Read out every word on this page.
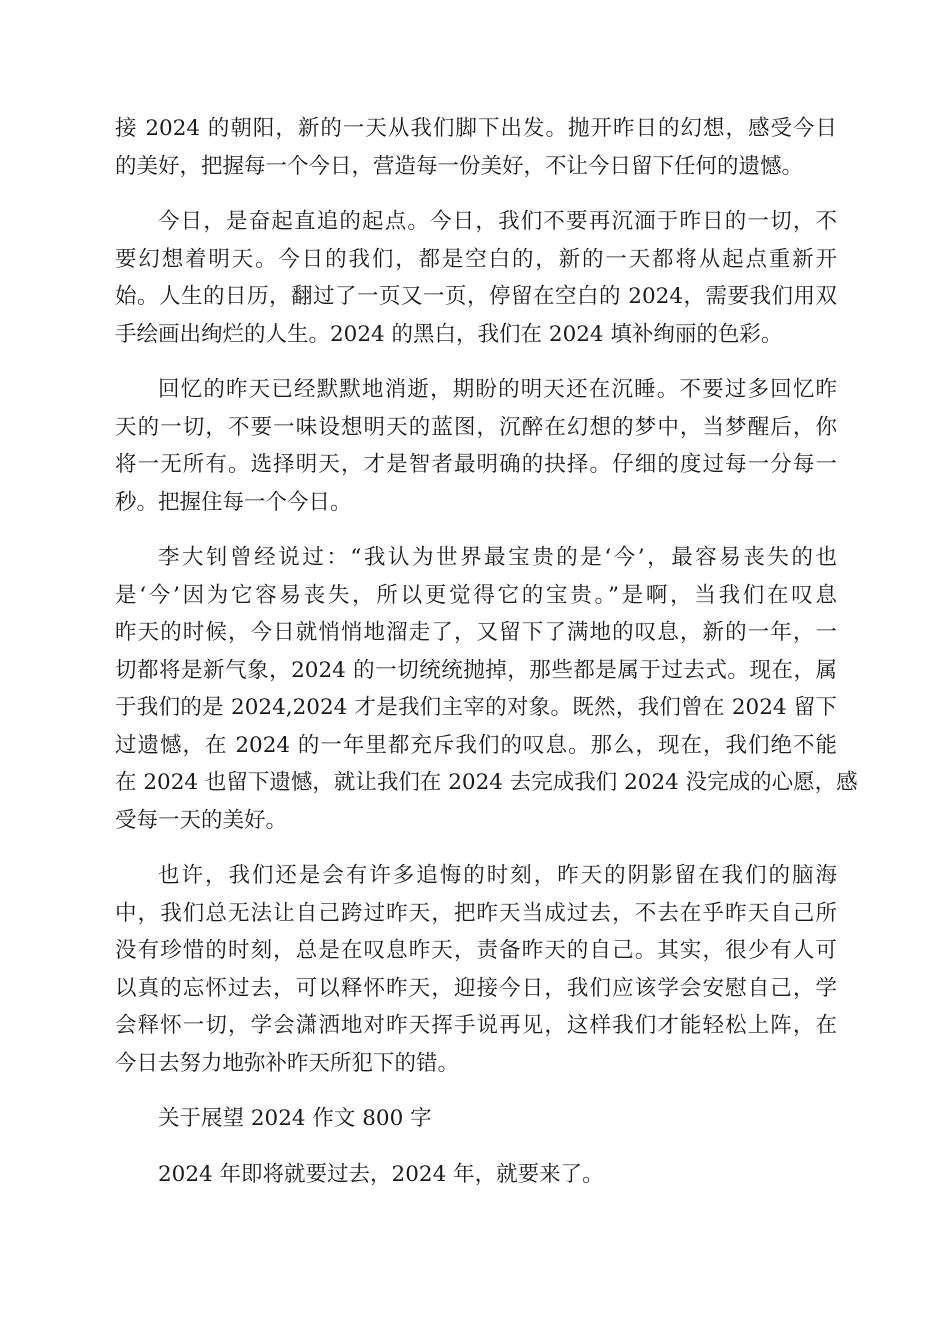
接 2024 的朝阳，新的一天从我们脚下出发。抛开昨日的幻想，感受今日
的美好，把握每一个今日，营造每一份美好，不让今日留下任何的遗憾。
今日，是奋起直追的起点。今日，我们不要再沉湎于昨日的一切，不
要幻想着明天。今日的我们，都是空白的，新的一天都将从起点重新开
始。人生的日历，翻过了一页又一页，停留在空白的 2024，需要我们用双
手绘画出绚烂的人生。2024 的黑白，我们在 2024 填补绚丽的色彩。
回忆的昨天已经默默地消逝，期盼的明天还在沉睡。不要过多回忆昨
天的一切，不要一味设想明天的蓝图，沉醉在幻想的梦中，当梦醒后，你
将一无所有。选择明天，才是智者最明确的抉择。仔细的度过每一分每一
秒。把握住每一个今日。
李大钊曾经说过：“我认为世界最宝贵的是‘今’，最容易丧失的也
是‘今’因为它容易丧失，所以更觉得它的宝贵。”是啊，当我们在叹息
昨天的时候，今日就悄悄地溜走了，又留下了满地的叹息，新的一年，一
切都将是新气象，2024 的一切统统抛掉，那些都是属于过去式。现在，属
于我们的是 2024,2024 才是我们主宰的对象。既然，我们曾在 2024 留下
过遗憾，在 2024 的一年里都充斥我们的叹息。那么，现在，我们绝不能
在 2024 也留下遗憾，就让我们在 2024 去完成我们 2024 没完成的心愿，感
受每一天的美好。
也许，我们还是会有许多追悔的时刻，昨天的阴影留在我们的脑海
中，我们总无法让自己跨过昨天，把昨天当成过去，不去在乎昨天自己所
没有珍惜的时刻，总是在叹息昨天，责备昨天的自己。其实，很少有人可
以真的忘怀过去，可以释怀昨天，迎接今日，我们应该学会安慰自己，学
会释怀一切，学会潇洒地对昨天挥手说再见，这样我们才能轻松上阵，在
今日去努力地弥补昨天所犯下的错。
关于展望 2024 作文 800 字
2024 年即将就要过去，2024 年，就要来了。
